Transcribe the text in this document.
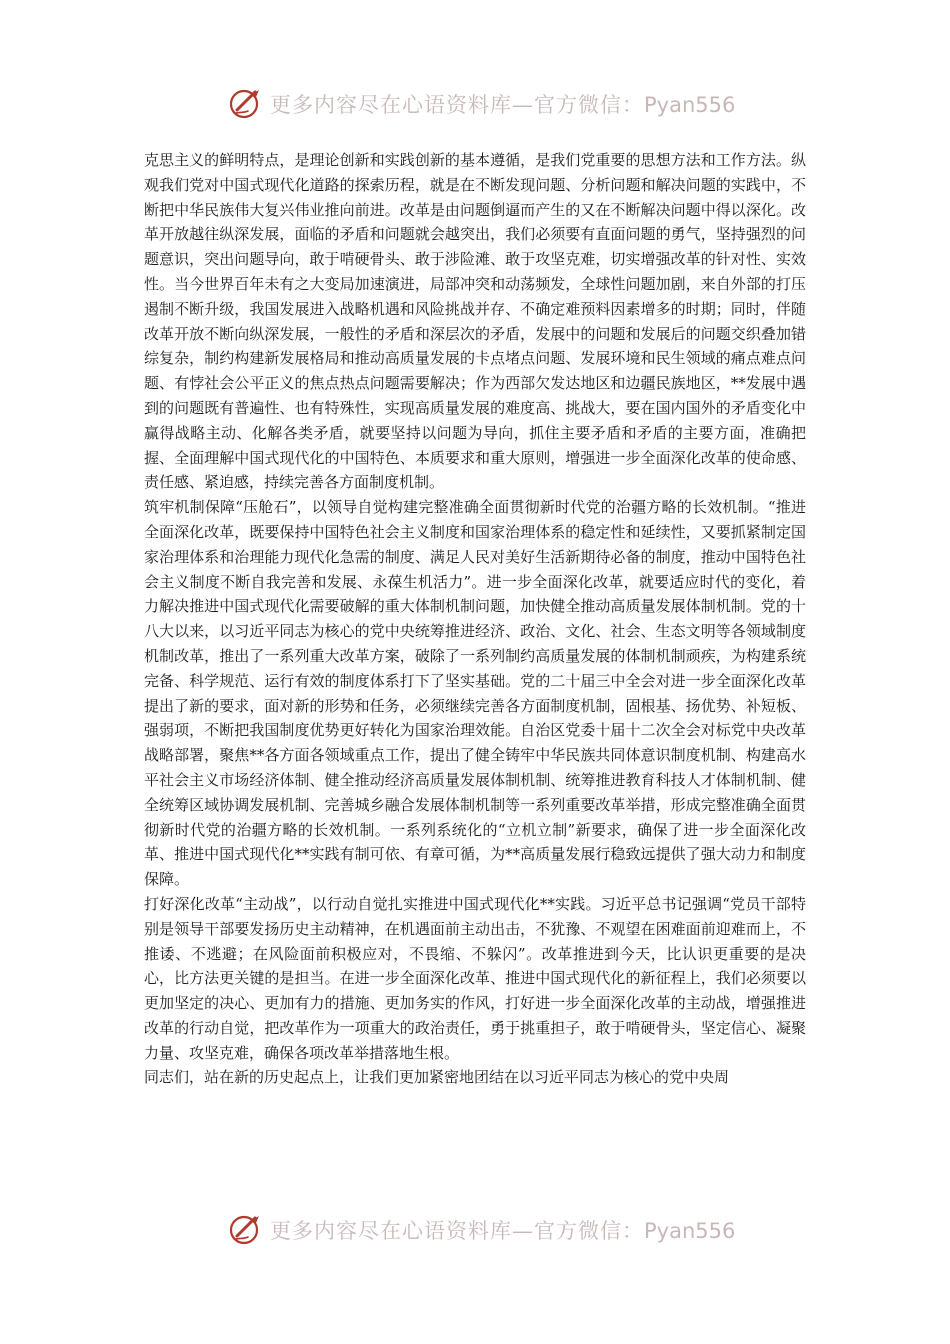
更多内容尽在心语资料库—官方微信：Pyan556

克思主义的鲜明特点，是理论创新和实践创新的基本遵循，是我们党重要的思想方法和工作方法。纵观我们党对中国式现代化道路的探索历程，就是在不断发现问题、分析问题和解决问题的实践中，不断把中华民族伟大复兴伟业推向前进。改革是由问题倒逼而产生的又在不断解决问题中得以深化。改革开放越往纵深发展，面临的矛盾和问题就会越突出，我们必须要有直面问题的勇气，坚持强烈的问题意识，突出问题导向，敢于啃硬骨头、敢于涉险滩、敢于攻坚克难，切实增强改革的针对性、实效性。当今世界百年未有之大变局加速演进，局部冲突和动荡频发，全球性问题加剧，来自外部的打压遏制不断升级，我国发展进入战略机遇和风险挑战并存、不确定难预料因素增多的时期；同时，伴随改革开放不断向纵深发展，一般性的矛盾和深层次的矛盾，发展中的问题和发展后的问题交织叠加错综复杂，制约构建新发展格局和推动高质量发展的卡点堵点问题、发展环境和民生领域的痛点难点问题、有悖社会公平正义的焦点热点问题需要解决；作为西部欠发达地区和边疆民族地区，**发展中遇到的问题既有普遍性、也有特殊性，实现高质量发展的难度高、挑战大，要在国内国外的矛盾变化中赢得战略主动、化解各类矛盾，就要坚持以问题为导向，抓住主要矛盾和矛盾的主要方面，准确把握、全面理解中国式现代化的中国特色、本质要求和重大原则，增强进一步全面深化改革的使命感、责任感、紧迫感，持续完善各方面制度机制。

筑牢机制保障“压舱石”，以领导自觉构建完整准确全面贯彻新时代党的治疆方略的长效机制。“推进全面深化改革，既要保持中国特色社会主义制度和国家治理体系的稳定性和延续性，又要抓紧制定国家治理体系和治理能力现代化急需的制度、满足人民对美好生活新期待必备的制度，推动中国特色社会主义制度不断自我完善和发展、永葆生机活力”。进一步全面深化改革，就要适应时代的变化，着力解决推进中国式现代化需要破解的重大体制机制问题，加快健全推动高质量发展体制机制。党的十八大以来，以习近平同志为核心的党中央统筹推进经济、政治、文化、社会、生态文明等各领域制度机制改革，推出了一系列重大改革方案，破除了一系列制约高质量发展的体制机制顽疾，为构建系统完备、科学规范、运行有效的制度体系打下了坚实基础。党的二十届三中全会对进一步全面深化改革提出了新的要求，面对新的形势和任务，必须继续完善各方面制度机制，固根基、扬优势、补短板、强弱项，不断把我国制度优势更好转化为国家治理效能。自治区党委十届十二次全会对标党中央改革战略部署，聚焦**各方面各领域重点工作，提出了健全铸牢中华民族共同体意识制度机制、构建高水平社会主义市场经济体制、健全推动经济高质量发展体制机制、统筹推进教育科技人才体制机制、健全统筹区域协调发展机制、完善城乡融合发展体制机制等一系列重要改革举措，形成完整准确全面贯彻新时代党的治疆方略的长效机制。一系列系统化的“立机立制”新要求，确保了进一步全面深化改革、推进中国式现代化**实践有制可依、有章可循，为**高质量发展行稳致远提供了强大动力和制度保障。

打好深化改革“主动战”，以行动自觉扎实推进中国式现代化**实践。习近平总书记强调“党员干部特别是领导干部要发扬历史主动精神，在机遇面前主动出击，不犹豫、不观望在困难面前迎难而上，不推诿、不逃避；在风险面前积极应对，不畏缩、不躲闪”。改革推进到今天，比认识更重要的是决心，比方法更关键的是担当。在进一步全面深化改革、推进中国式现代化的新征程上，我们必须要以更加坚定的决心、更加有力的措施、更加务实的作风，打好进一步全面深化改革的主动战，增强推进改革的行动自觉，把改革作为一项重大的政治责任，勇于挑重担子，敢于啃硬骨头，坚定信心、凝聚力量、攻坚克难，确保各项改革举措落地生根。

同志们，站在新的历史起点上，让我们更加紧密地团结在以习近平同志为核心的党中央周

更多内容尽在心语资料库—官方微信：Pyan556
